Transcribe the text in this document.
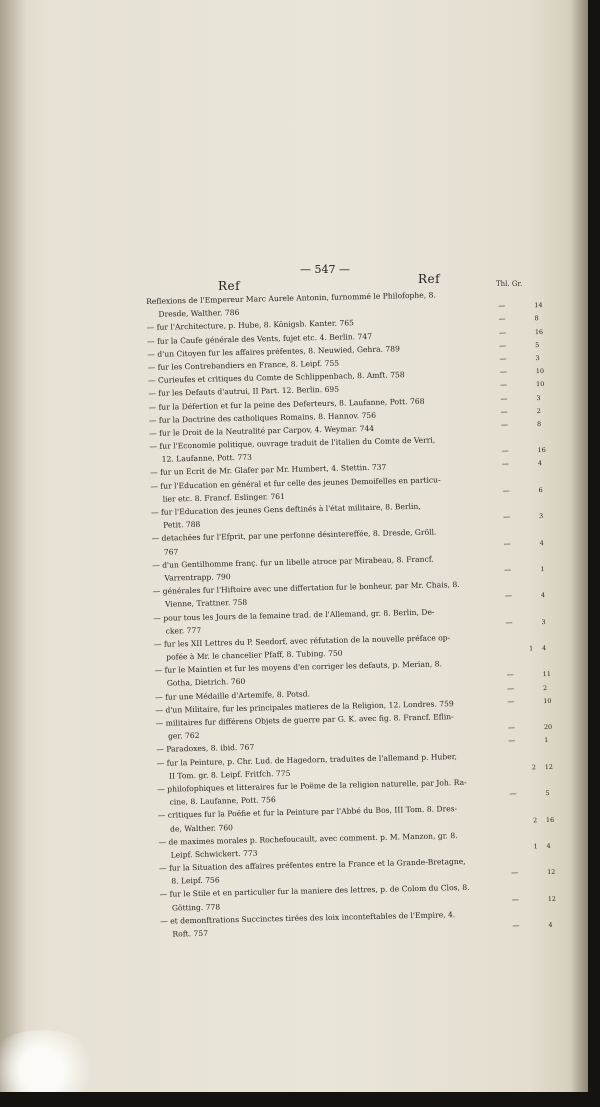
— 547 —
Ref	Ref	Thl. Gr.
Reflexions de l'Empereur Marc Aurele Antonin, furnommé le Philofophe, 8.
Dresde, Walther. 786
—	14
— fur l'Architecture, p. Hube, 8. Königsb. Kanter. 765	—	8
— fur la Caufe générale des Vents, fujet etc. 4. Berlin. 747	—	16
— d'un Citoyen fur les affaires préfentes, 8. Neuwied, Gehra. 789	—	5
— fur les Contrebandiers en France, 8. Leipf. 755	—	3
— Curieufes et critiques du Comte de Schlippenbach, 8. Amft. 758	—	10
— fur les Defauts d'autrui, II Part. 12. Berlin. 695	—	10
— fur la Défertion et fur la peine des Deferteurs, 8. Laufanne, Pott. 768	—	3
— fur la Doctrine des catholiques Romains, 8. Hannov. 756	—	2
— fur le Droit de la Neutralité par Carpov, 4. Weymar. 744	—	8
— fur l'Economie politique, ouvrage traduit de l'italien du Comte de Verri,
12. Laufanne, Pott. 773
—	16
— fur un Ecrit de Mr. Glafer par Mr. Humbert, 4. Stettin. 737	—	4
— fur l'Education en général et fur celle des jeunes Demoifelles en particu-
lier etc. 8. Francf. Eslinger. 761
—	6
— fur l'Education des jeunes Gens deftinés à l'état militaire, 8. Berlin,
Petit. 788
—	3
— detachées fur l'Efprit, par une perfonne désintereffée, 8. Dresde, Gröll.
767
—	4
— d'un Gentilhomme franç. fur un libelle atroce par Mirabeau, 8. Francf.
Varrentrapp. 790
—	1
— générales fur l'Hiftoire avec une differtation fur le bonheur, par Mr. Chais, 8.
Vienne, Trattner. 758
—	4
— pour tous les Jours de la femaine trad. de l'Allemand, gr. 8. Berlin, De-
cker. 777
—	3
— fur les XII Lettres du P. Seedorf, avec réfutation de la nouvelle préface op-
pofée à Mr. le chancelier Pfaff, 8. Tubing. 750
1 4
— fur le Maintien et fur les moyens d'en corriger les defauts, p. Merian, 8.
Gotha, Dietrich. 760
—	11
— fur une Médaille d'Artemife, 8. Potsd.
—	2
— d'un Militaire, fur les principales matieres de la Religion, 12. Londres. 759	—	10
— militaires fur différens Objets de guerre par G. K. avec fig. 8. Francf. Eflin-
ger. 762
—	20
— Paradoxes, 8. ibid. 767
—	1
— fur la Peinture, p. Chr. Lud. de Hagedorn, traduites de l'allemand p. Huber,
II Tom. gr. 8. Leipf. Fritfch. 775
2 12
— philofophiques et litteraires fur le Poëme de la religion naturelle, par Joh. Ra-
cine, 8. Laufanne, Pott. 756
—	5
— critiques fur la Poëfie et fur la Peinture par l'Abbé du Bos, III Tom. 8. Dres-
de, Walther. 760
2 16
— de maximes morales p. Rochefoucault, avec comment. p. M. Manzon, gr. 8.
Leipf. Schwickert. 773
1 4
— fur la Situation des affaires préfentes entre la France et la Grande-Bretagne,
8. Leipf. 756
—	12
— fur le Stile et en particulier fur la maniere des lettres, p. de Colom du Clos, 8.
Götting. 778
—	12
— et demonftrations Succinctes tirées des loix inconteftables de l'Empire, 4.
Roft. 757
—	4
